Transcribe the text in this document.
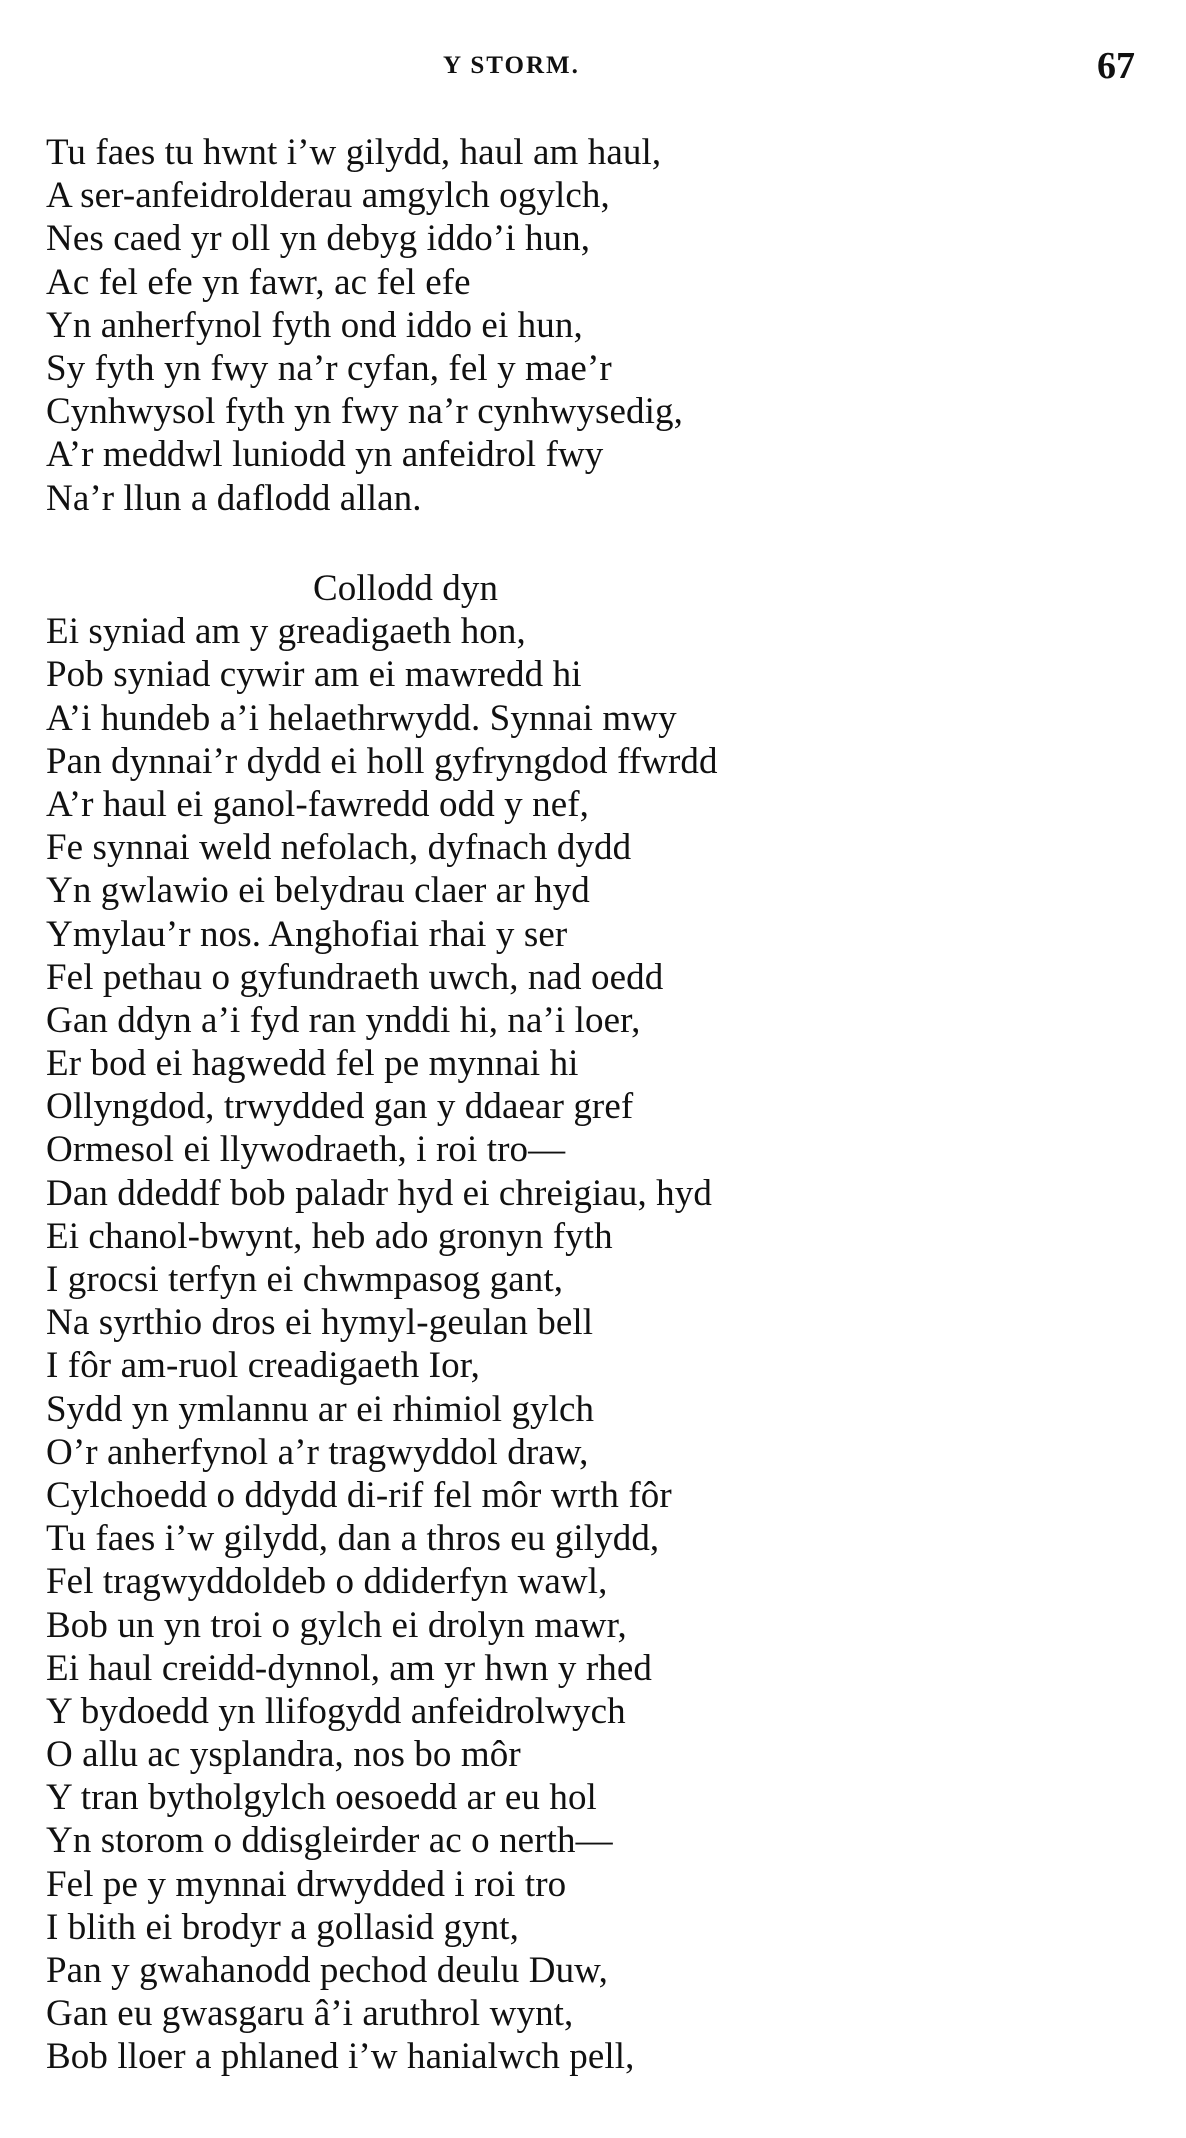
Y STORM.	67
Tu faes tu hwnt i’w gilydd, haul am haul,
A ser-anfeidrolderau amgylch ogylch,
Nes caed yr oll yn debyg iddo’i hun,
Ac fel efe yn fawr, ac fel efe
Yn anherfynol fyth ond iddo ei hun,
Sy fyth yn fwy na’r cyfan, fel y mae’r
Cynhwysol fyth yn fwy na’r cynhwysedig,
A’r meddwl luniodd yn anfeidrol fwy
Na’r llun a daflodd allan.
Collodd dyn
Ei syniad am y greadigaeth hon,
Pob syniad cywir am ei mawredd hi
A’i hundeb a’i helaethrwydd. Synnai mwy
Pan dynnai’r dydd ei holl gyfryngdod ffwrdd
A’r haul ei ganol-fawredd odd y nef,
Fe synnai weld nefolach, dyfnach dydd
Yn gwlawio ei belydrau claer ar hyd
Ymylau’r nos. Anghofiai rhai y ser
Fel pethau o gyfundraeth uwch, nad oedd
Gan ddyn a’i fyd ran ynddi hi, na’i loer,
Er bod ei hagwedd fel pe mynnai hi
Ollyngdod, trwydded gan y ddaear gref
Ormesol ei llywodraeth, i roi tro—
Dan ddeddf bob paladr hyd ei chreigiau, hyd
Ei chanol-bwynt, heb ado gronyn fyth
I grocsi terfyn ei chwmpasog gant,
Na syrthio dros ei hymyl-geulan bell
I fôr am-ruol creadigaeth Ior,
Sydd yn ymlannu ar ei rhimiol gylch
O’r anherfynol a’r tragwyddol draw,
Cylchoedd o ddydd di-rif fel môr wrth fôr
Tu faes i’w gilydd, dan a thros eu gilydd,
Fel tragwyddoldeb o ddiderfyn wawl,
Bob un yn troi o gylch ei drolyn mawr,
Ei haul creidd-dynnol, am yr hwn y rhed
Y bydoedd yn llifogydd anfeidrolwych
O allu ac ysplandra, nos bo môr
Y tran bytholgylch oesoedd ar eu hol
Yn storom o ddisgleirder ac o nerth—
Fel pe y mynnai drwydded i roi tro
I blith ei brodyr a gollasid gynt,
Pan y gwahanodd pechod deulu Duw,
Gan eu gwasgaru â’i aruthrol wynt,
Bob lloer a phlaned i’w hanialwch pell,
